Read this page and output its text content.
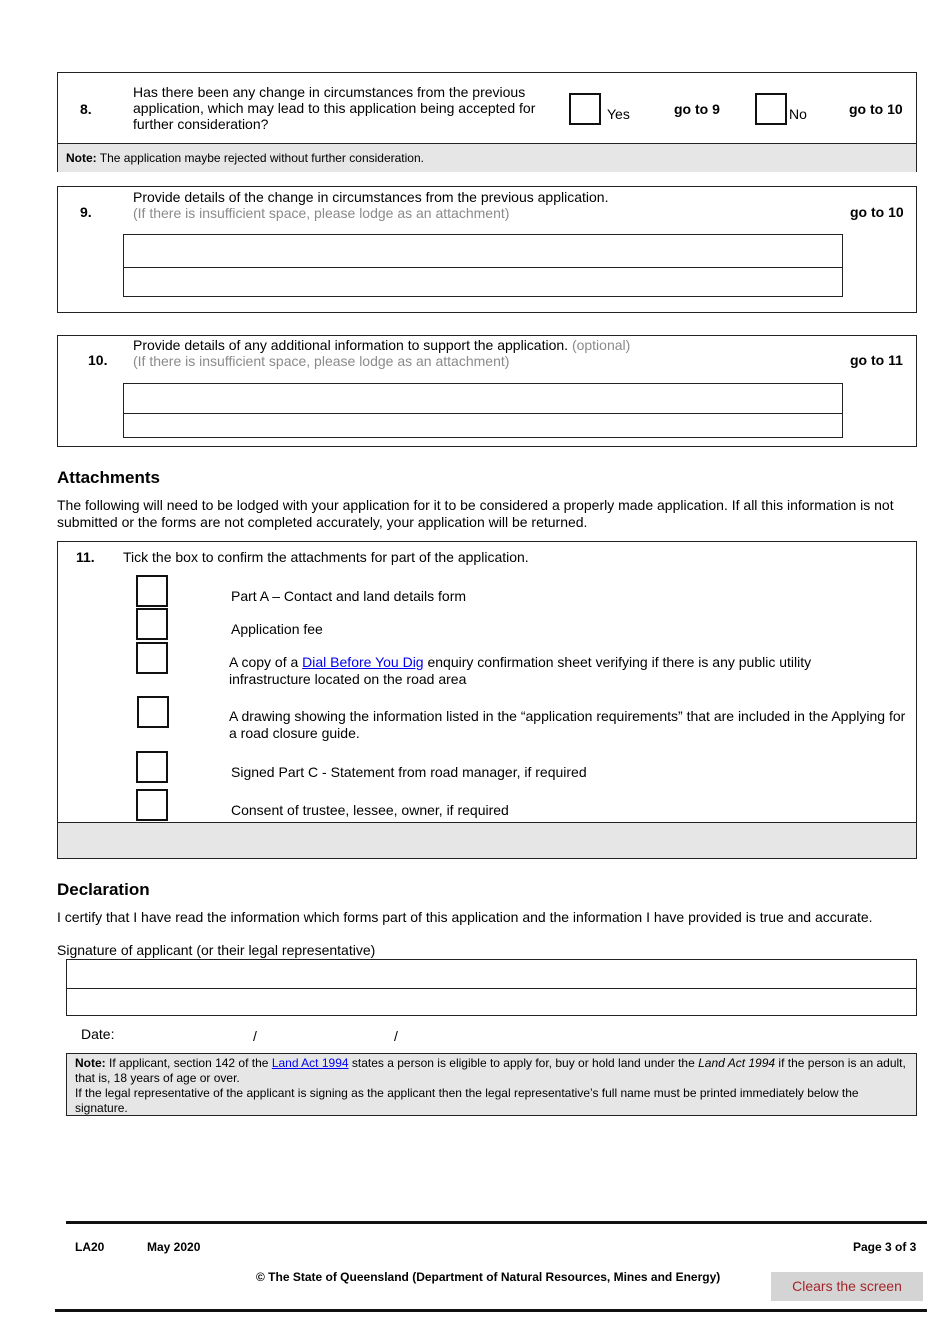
8.
Has there been any change in circumstances from the previous application, which may lead to this application being accepted for further consideration?
Yes	go to 9	No	go to 10
Note: The application maybe rejected without further consideration.
9.
Provide details of the change in circumstances from the previous application.
(If there is insufficient space, please lodge as an attachment)	go to 10
10.
Provide details of any additional information to support the application. (optional)
(If there is insufficient space, please lodge as an attachment)	go to 11
Attachments

The following will need to be lodged with your application for it to be considered a properly made application. If all this information is not submitted or the forms are not completed accurately, your application will be returned.

11. Tick the box to confirm the attachments for part of the application.
Part A – Contact and land details form
Application fee
A copy of a Dial Before You Dig enquiry confirmation sheet verifying if there is any public utility infrastructure located on the road area
A drawing showing the information listed in the “application requirements” that are included in the Applying for a road closure guide.
Signed Part C - Statement from road manager, if required
Consent of trustee, lessee, owner, if required
Declaration

I certify that I have read the information which forms part of this application and the information I have provided is true and accurate.

Signature of applicant (or their legal representative)
Date:	/	/
Note: If applicant, section 142 of the Land Act 1994 states a person is eligible to apply for, buy or hold land under the Land Act 1994 if the person is an adult, that is, 18 years of age or over.
If the legal representative of the applicant is signing as the applicant then the legal representative’s full name must be printed immediately below the signature.
LA20	May 2020	Page 3 of 3
© The State of Queensland (Department of Natural Resources, Mines and Energy)
Clears the screen
